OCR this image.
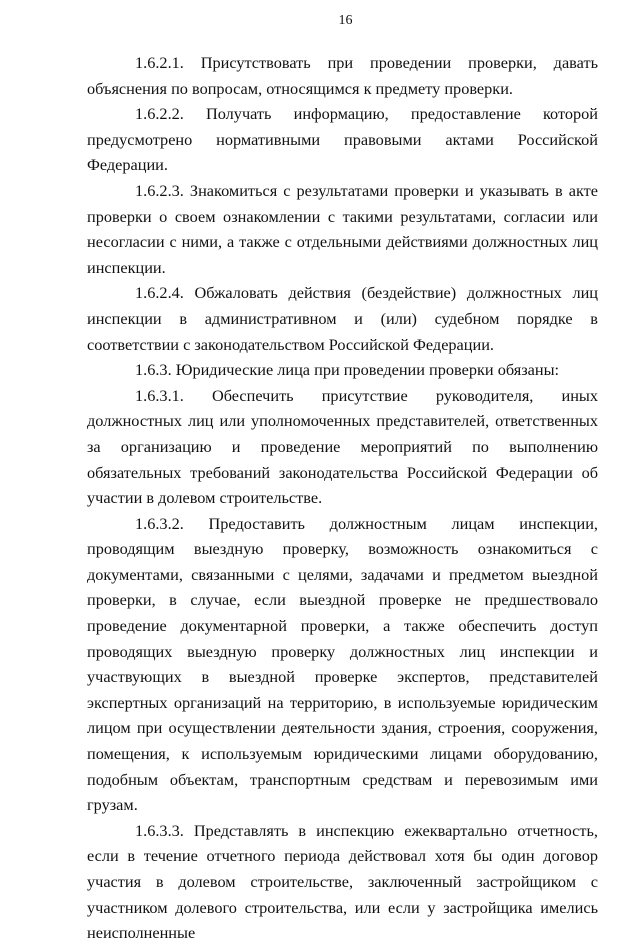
16

1.6.2.1. Присутствовать при проведении проверки, давать объяснения по вопросам, относящимся к предмету проверки.

1.6.2.2. Получать информацию, предоставление которой предусмотрено нормативными правовыми актами Российской Федерации.

1.6.2.3. Знакомиться с результатами проверки и указывать в акте проверки о своем ознакомлении с такими результатами, согласии или несогласии с ними, а также с отдельными действиями должностных лиц инспекции.

1.6.2.4. Обжаловать действия (бездействие) должностных лиц инспекции в административном и (или) судебном порядке в соответствии с законодательством Российской Федерации.

1.6.3. Юридические лица при проведении проверки обязаны:

1.6.3.1. Обеспечить присутствие руководителя, иных должностных лиц или уполномоченных представителей, ответственных за организацию и проведение мероприятий по выполнению обязательных требований законодательства Российской Федерации об участии в долевом строительстве.

1.6.3.2. Предоставить должностным лицам инспекции, проводящим выездную проверку, возможность ознакомиться с документами, связанными с целями, задачами и предметом выездной проверки, в случае, если выездной проверке не предшествовало проведение документарной проверки, а также обеспечить доступ проводящих выездную проверку должностных лиц инспекции и участвующих в выездной проверке экспертов, представителей экспертных организаций на территорию, в используемые юридическим лицом при осуществлении деятельности здания, строения, сооружения, помещения, к используемым юридическими лицами оборудованию, подобным объектам, транспортным средствам и перевозимым ими грузам.

1.6.3.3. Представлять в инспекцию ежеквартально отчетность, если в течение отчетного периода действовал хотя бы один договор участия в долевом строительстве, заключенный застройщиком с участником долевого строительства, или если у застройщика имелись неисполненные
